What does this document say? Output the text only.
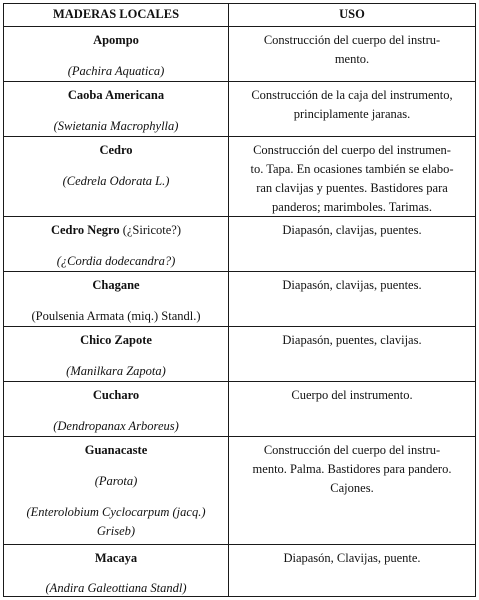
MADERAS LOCALES	USO
Apompo
(Pachira Aquatica)
Construcción del cuerpo del instru-
mento.
Caoba Americana
(Swietania Macrophylla)
Construcción de la caja del instrumento,
principlamente jaranas.
Cedro
(Cedrela Odorata L.)
Construcción del cuerpo del instrumen-
to. Tapa. En ocasiones también se elabo-
ran clavijas y puentes. Bastidores para
panderos; marimboles. Tarimas.
Cedro Negro (¿Siricote?)
(¿Cordia dodecandra?)
Diapasón, clavijas, puentes.
Chagane
(Poulsenia Armata (miq.) Standl.)
Diapasón, clavijas, puentes.
Chico Zapote
(Manilkara Zapota)
Diapasón, puentes, clavijas.
Cucharo
(Dendropanax Arboreus)
Cuerpo del instrumento.
Guanacaste
(Parota)
(Enterolobium Cyclocarpum (jacq.)
Griseb)
Construcción del cuerpo del instru-
mento. Palma. Bastidores para pandero.
Cajones.
Macaya
(Andira Galeottiana Standl)
Diapasón, Clavijas, puente.
